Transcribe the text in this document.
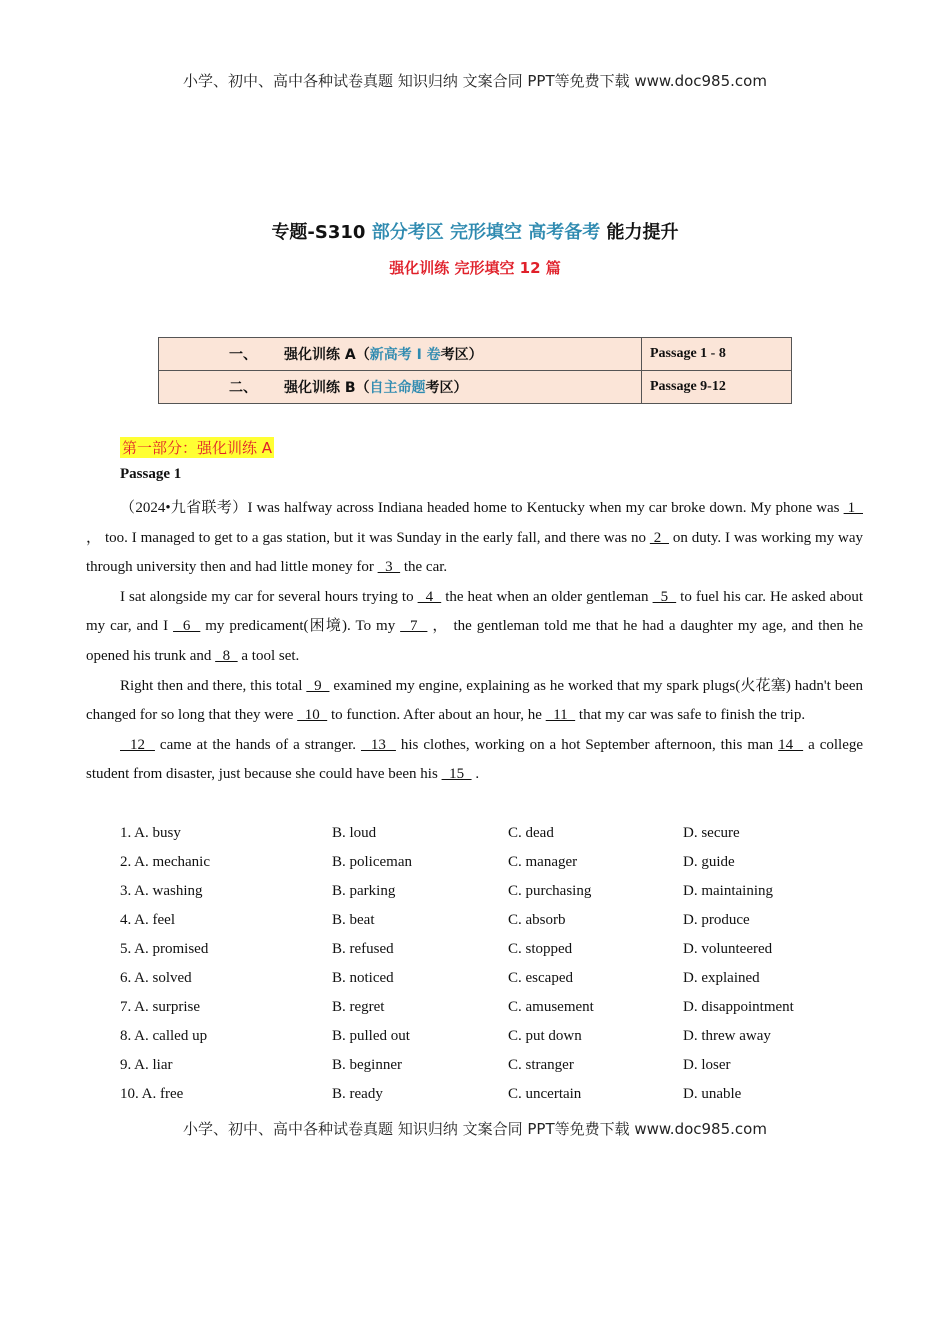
小学、初中、高中各种试卷真题 知识归纳 文案合同 PPT等免费下载 www.doc985.com
专题-S310 部分考区 完形填空 高考备考 能力提升
强化训练 完形填空 12 篇
一、 强化训练 A（新高考 Ⅰ 卷考区）	Passage 1 - 8
二、 强化训练 B（自主命题考区）	Passage 9-12
第一部分：强化训练 A
Passage 1

（2024•九省联考）I was halfway across Indiana headed home to Kentucky when my car broke down. My phone was  1   ， too. I managed to get to a gas station, but it was Sunday in the early fall, and there was no  2   on duty. I was working my way through university then and had little money for   3   the car.

I sat alongside my car for several hours trying to   4   the heat when an older gentleman   5   to fuel his car. He asked about my car, and I   6   my predicament(困境). To my   7   ， the gentleman told me that he had a daughter my age, and then he opened his trunk and   8   a tool set.

Right then and there, this total   9   examined my engine, explaining as he worked that my spark plugs(火花塞) hadn't been changed for so long that they were   10   to function. After about an hour, he   11   that my car was safe to finish the trip.

12   came at the hands of a stranger.   13   his clothes, working on a hot September afternoon, this man 14   a college student from disaster, just because she could have been his   15   .

1. A. busy	B. loud	C. dead	D. secure
2. A. mechanic	B. policeman	C. manager	D. guide
3. A. washing	B. parking	C. purchasing	D. maintaining
4. A. feel	B. beat	C. absorb	D. produce
5. A. promised	B. refused	C. stopped	D. volunteered
6. A. solved	B. noticed	C. escaped	D. explained
7. A. surprise	B. regret	C. amusement	D. disappointment
8. A. called up	B. pulled out	C. put down	D. threw away
9. A. liar	B. beginner	C. stranger	D. loser
10. A. free	B. ready	C. uncertain	D. unable
小学、初中、高中各种试卷真题 知识归纳 文案合同 PPT等免费下载 www.doc985.com
